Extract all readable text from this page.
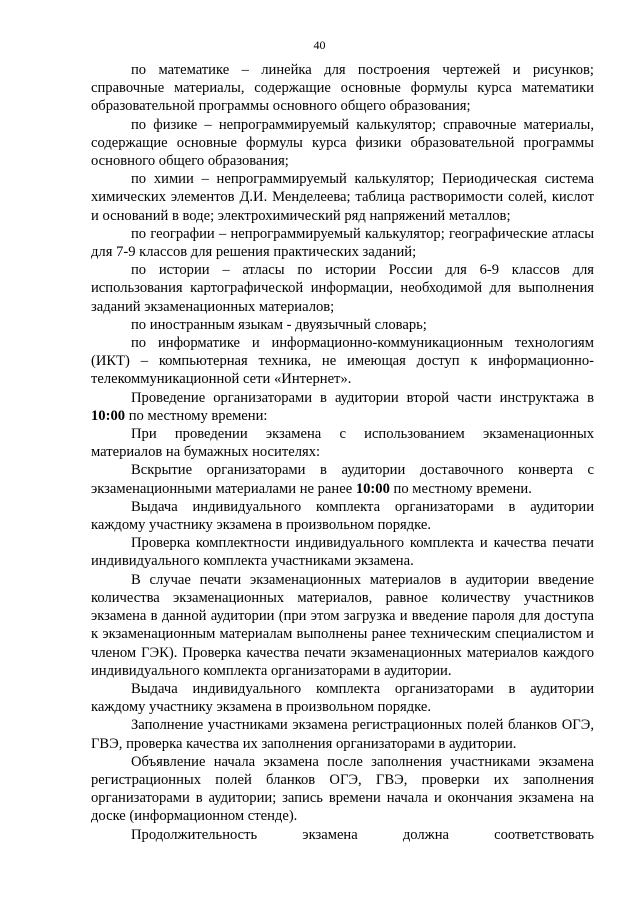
40

по математике – линейка для построения чертежей и рисунков; справочные материалы, содержащие основные формулы курса математики образовательной программы основного общего образования;

по физике – непрограммируемый калькулятор; справочные материалы, содержащие основные формулы курса физики образовательной программы основного общего образования;

по химии – непрограммируемый калькулятор; Периодическая система химических элементов Д.И. Менделеева; таблица растворимости солей, кислот и оснований в воде; электрохимический ряд напряжений металлов;

по географии – непрограммируемый калькулятор; географические атласы для 7-9 классов для решения практических заданий;

по истории – атласы по истории России для 6-9 классов для использования картографической информации, необходимой для выполнения заданий экзаменационных материалов;

по иностранным языкам - двуязычный словарь;

по информатике и информационно-коммуникационным технологиям (ИКТ) – компьютерная техника, не имеющая доступ к информационно-телекоммуникационной сети «Интернет».

Проведение организаторами в аудитории второй части инструктажа в 10:00 по местному времени:

При проведении экзамена с использованием экзаменационных материалов на бумажных носителях:

Вскрытие организаторами в аудитории доставочного конверта с экзаменационными материалами не ранее 10:00 по местному времени.

Выдача индивидуального комплекта организаторами в аудитории каждому участнику экзамена в произвольном порядке.

Проверка комплектности индивидуального комплекта и качества печати индивидуального комплекта участниками экзамена.

В случае печати экзаменационных материалов в аудитории введение количества экзаменационных материалов, равное количеству участников экзамена в данной аудитории (при этом загрузка и введение пароля для доступа к экзаменационным материалам выполнены ранее техническим специалистом и членом ГЭК). Проверка качества печати экзаменационных материалов каждого индивидуального комплекта организаторами в аудитории.

Выдача индивидуального комплекта организаторами в аудитории каждому участнику экзамена в произвольном порядке.

Заполнение участниками экзамена регистрационных полей бланков ОГЭ, ГВЭ, проверка качества их заполнения организаторами в аудитории.

Объявление начала экзамена после заполнения участниками экзамена регистрационных полей бланков ОГЭ, ГВЭ, проверки их заполнения организаторами в аудитории; запись времени начала и окончания экзамена на доске (информационном стенде).

Продолжительность экзамена должна соответствовать
